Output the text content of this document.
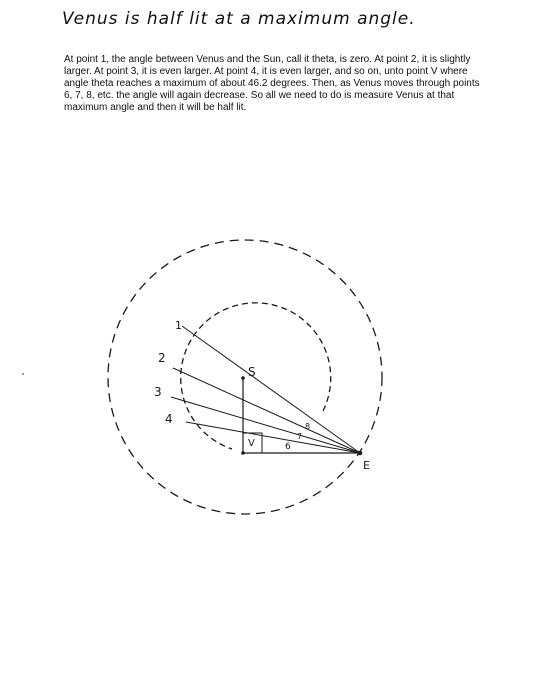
Venus is half lit at a maximum angle.
At point 1, the angle between Venus and the Sun, call it theta, is zero. At point 2, it is slightly larger. At point 3, it is even larger. At point 4, it is even larger, and so on, unto point V where angle theta reaches a maximum of about 46.2 degrees. Then, as Venus moves through points 6, 7, 8, etc. the angle will again decrease. So all we need to do is measure Venus at that maximum angle and then it will be half lit.
1
2
3
4
6
7
8
S
V
E
